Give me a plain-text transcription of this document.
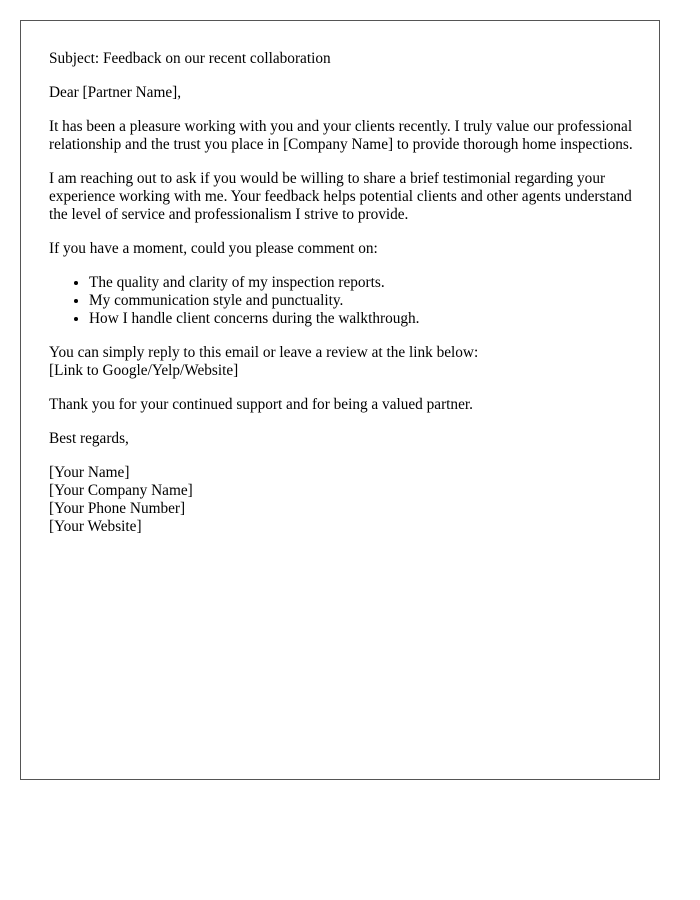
Subject: Feedback on our recent collaboration

Dear [Partner Name],

It has been a pleasure working with you and your clients recently. I truly value our professional relationship and the trust you place in [Company Name] to provide thorough home inspections.

I am reaching out to ask if you would be willing to share a brief testimonial regarding your experience working with me. Your feedback helps potential clients and other agents understand the level of service and professionalism I strive to provide.

If you have a moment, could you please comment on:

• The quality and clarity of my inspection reports.
• My communication style and punctuality.
• How I handle client concerns during the walkthrough.

You can simply reply to this email or leave a review at the link below:
[Link to Google/Yelp/Website]

Thank you for your continued support and for being a valued partner.

Best regards,

[Your Name]
[Your Company Name]
[Your Phone Number]
[Your Website]
